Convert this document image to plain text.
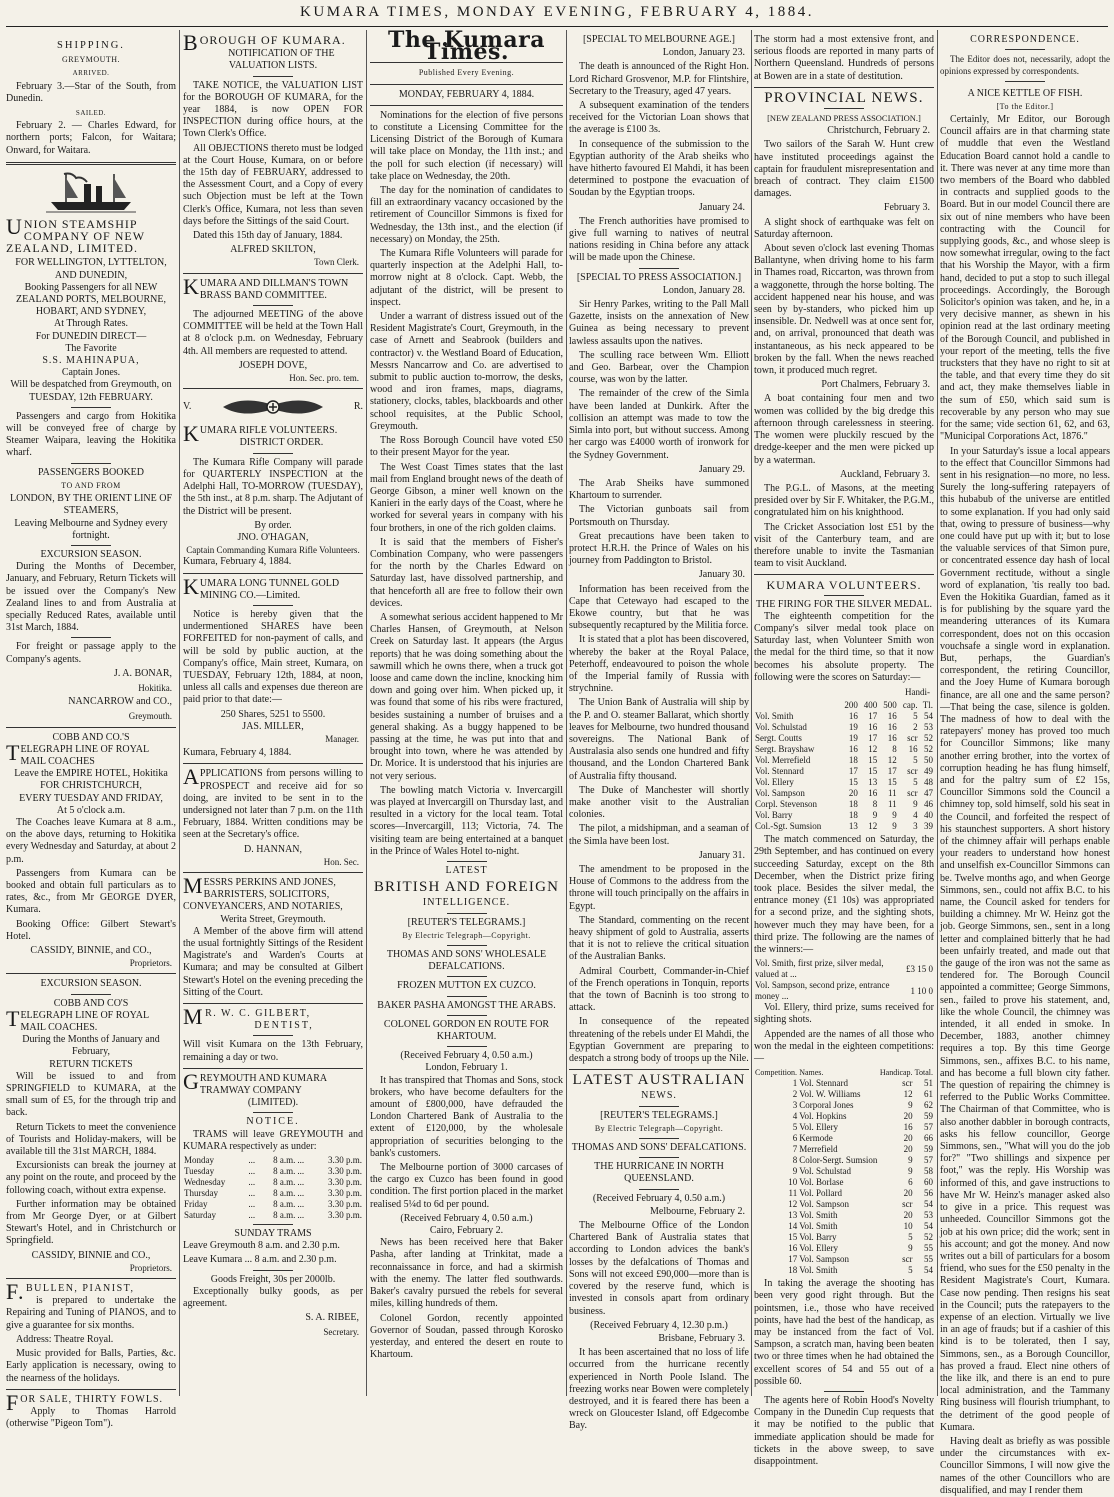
KUMARA TIMES, MONDAY EVENING, FEBRUARY 4, 1884.

SHIPPING.

GREYMOUTH.

ARRIVED.

February 3.—Star of the South, from Dunedin.

SAILED.

February 2. — Charles Edward, for northern ports; Falcon, for Waitara; Onward, for Waitara.

UNION STEAMSHIP COMPANY OF NEW ZEALAND, LIMITED.

FOR WELLINGTON, LYTTELTON, AND DUNEDIN,

Booking Passengers for all NEW ZEALAND PORTS, MELBOURNE, HOBART, AND SYDNEY,

At Through Rates.

For DUNEDIN DIRECT—

The Favorite

S.S. MAHINAPUA,

Captain Jones.

Will be despatched from Greymouth, on

TUESDAY, 12th FEBRUARY.

Passengers and cargo from Hokitika will be conveyed free of charge by Steamer Waipara, leaving the Hokitika wharf.

PASSENGERS BOOKED

TO AND FROM

LONDON, BY THE ORIENT LINE OF STEAMERS,

Leaving Melbourne and Sydney every fortnight.

EXCURSION SEASON.

During the Months of December, January, and February, Return Tickets will be issued over the Company's New Zealand lines to and from Australia at specially Reduced Rates, available until 31st March, 1884.

For freight or passage apply to the Company's agents.

J. A. BONAR,

Hokitika.

NANCARROW and CO.,

Greymouth.

COBB AND CO.'S

TELEGRAPH LINE OF ROYAL MAIL COACHES

Leave the EMPIRE HOTEL, Hokitika

FOR CHRISTCHURCH,

EVERY TUESDAY AND FRIDAY,

At 5 o'clock a.m.

The Coaches leave Kumara at 8 a.m., on the above days, returning to Hokitika every Wednesday and Saturday, at about 2 p.m.

Passengers from Kumara can be booked and obtain full particulars as to rates, &c., from Mr GEORGE DYER, Kumara.

Booking Office: Gilbert Stewart's Hotel.

CASSIDY, BINNIE, and CO.,

Proprietors.

EXCURSION SEASON.

COBB AND CO'S

TELEGRAPH LINE OF ROYAL MAIL COACHES.

During the Months of January and February,

RETURN TICKETS

Will be issued to and from SPRINGFIELD to KUMARA, at the small sum of £5, for the through trip and back.

Return Tickets to meet the convenience of Tourists and Holiday-makers, will be available till the 31st MARCH, 1884.

Excursionists can break the journey at any point on the route, and proceed by the following coach, without extra expense.

Further information may be obtained from Mr George Dyer, or at Gilbert Stewart's Hotel, and in Christchurch or Springfield.

CASSIDY, BINNIE and CO.,

Proprietors.

F.BULLEN, PIANIST,

is prepared to undertake the Repairing and Tuning of PIANOS, and to give a guarantee for six months.

Address: Theatre Royal.

Music provided for Balls, Parties, &c. Early application is necessary, owing to the nearness of the holidays.

FOR SALE, THIRTY FOWLS.

Apply to Thomas Harrold (otherwise "Pigeon Tom").

BOROUGH OF KUMARA.

NOTIFICATION OF THE VALUATION LISTS.

TAKE NOTICE, the VALUATION LIST for the BOROUGH OF KUMARA, for the year 1884, is now OPEN FOR INSPECTION during office hours, at the Town Clerk's Office.

All OBJECTIONS thereto must be lodged at the Court House, Kumara, on or before the 15th day of FEBRUARY, addressed to the Assessment Court, and a Copy of every such Objection must be left at the Town Clerk's Office, Kumara, not less than seven days before the Sittings of the said Court.

Dated this 15th day of January, 1884.

ALFRED SKILTON,

Town Clerk.

KUMARA AND DILLMAN'S TOWN BRASS BAND COMMITTEE.

The adjourned MEETING of the above COMMITTEE will be held at the Town Hall at 8 o'clock p.m. on Wednesday, February 4th. All members are requested to attend.

JOSEPH DOVE,

Hon. Sec. pro. tem.

V.	R.

KUMARA RIFLE VOLUNTEERS.

DISTRICT ORDER.

The Kumara Rifle Company will parade for QUARTERLY INSPECTION at the Adelphi Hall, TO-MORROW (TUESDAY), the 5th inst., at 8 p.m. sharp. The Adjutant of the District will be present.

By order.

JNO. O'HAGAN,

Captain Commanding Kumara Rifle Volunteers.

Kumara, February 4, 1884.

KUMARA LONG TUNNEL GOLD MINING CO.—Limited.

Notice is hereby given that the undermentioned SHARES have been FORFEITED for non-payment of calls, and will be sold by public auction, at the Company's office, Main street, Kumara, on TUESDAY, February 12th, 1884, at noon, unless all calls and expenses due thereon are paid prior to that date:—

250 Shares, 5251 to 5500.

JAS. MILLER,

Manager.

Kumara, February 4, 1884.

APPLICATIONS from persons willing to PROSPECT and receive aid for so doing, are invited to be sent in to the undersigned not later than 7 p.m. on the 11th February, 1884. Written conditions may be seen at the Secretary's office.

D. HANNAN,

Hon. Sec.

MESSRS PERKINS AND JONES, BARRISTERS, SOLICITORS, CONVEYANCERS, AND NOTARIES,

Werita Street, Greymouth.

A Member of the above firm will attend the usual fortnightly Sittings of the Resident Magistrate's and Warden's Courts at Kumara; and may be consulted at Gilbert Stewart's Hotel on the evening preceding the Sitting of the Court.

MR. W. C. GILBERT,

DENTIST,

Will visit Kumara on the 13th February, remaining a day or two.

GREYMOUTH AND KUMARA TRAMWAY COMPANY

(LIMITED).

NOTICE.

TRAMS will leave GREYMOUTH and KUMARA respectively as under:

Monday	...	8 a.m.	...	3.30 p.m.
Tuesday	...	8 a.m.	...	3.30 p.m.
Wednesday	...	8 a.m.	...	3.30 p.m.
Thursday	...	8 a.m.	...	3.30 p.m.
Friday	...	8 a.m.	...	3.30 p.m.
Saturday	...	8 a.m.	...	3.30 p.m.

SUNDAY TRAMS

Leave Greymouth 8 a.m. and 2.30 p.m.

Leave Kumara ... 8 a.m. and 2.30 p.m.

Goods Freight, 30s per 2000lb.

Exceptionally bulky goods, as per agreement.

S. A. RIBEE,

Secretary.

The Kumara Times.

Published Every Evening.

MONDAY, FEBRUARY 4, 1884.

Nominations for the election of five persons to constitute a Licensing Committee for the Licensing District of the Borough of Kumara will take place on Monday, the 11th inst.; and the poll for such election (if necessary) will take place on Wednesday, the 20th.

The day for the nomination of candidates to fill an extraordinary vacancy occasioned by the retirement of Councillor Simmons is fixed for Wednesday, the 13th inst., and the election (if necessary) on Monday, the 25th.

The Kumara Rifle Volunteers will parade for quarterly inspection at the Adelphi Hall, to-morrow night at 8 o'clock. Capt. Webb, the adjutant of the district, will be present to inspect.

Under a warrant of distress issued out of the Resident Magistrate's Court, Greymouth, in the case of Arnett and Seabrook (builders and contractor) v. the Westland Board of Education, Messrs Nancarrow and Co. are advertised to submit to public auction to-morrow, the desks, wood and iron frames, maps, diagrams, stationery, clocks, tables, blackboards and other school requisites, at the Public School, Greymouth.

The Ross Borough Council have voted £50 to their present Mayor for the year.

The West Coast Times states that the last mail from England brought news of the death of George Gibson, a miner well known on the Kanieri in the early days of the Coast, where he worked for several years in company with his four brothers, in one of the rich golden claims.

It is said that the members of Fisher's Combination Company, who were passengers for the north by the Charles Edward on Saturday last, have dissolved partnership, and that henceforth all are free to follow their own devices.

A somewhat serious accident happened to Mr Charles Hansen, of Greymouth, at Nelson Creek on Saturday last. It appears (the Argus reports) that he was doing something about the sawmill which he owns there, when a truck got loose and came down the incline, knocking him down and going over him. When picked up, it was found that some of his ribs were fractured, besides sustaining a number of bruises and a general shaking. As a buggy happened to be passing at the time, he was put into that and brought into town, where he was attended by Dr. Morice. It is understood that his injuries are not very serious.

The bowling match Victoria v. Invercargill was played at Invercargill on Thursday last, and resulted in a victory for the local team. Total scores—Invercargill, 113; Victoria, 74. The visiting team are being entertained at a banquet in the Prince of Wales Hotel to-night.

LATEST

BRITISH AND FOREIGN

INTELLIGENCE.

[REUTER'S TELEGRAMS.]

By Electric Telegraph—Copyright.

THOMAS AND SONS' WHOLESALE DEFALCATIONS.

FROZEN MUTTON EX CUZCO.

BAKER PASHA AMONGST THE ARABS.

COLONEL GORDON EN ROUTE FOR KHARTOUM.

(Received February 4, 0.50 a.m.)

London, February 1.

It has transpired that Thomas and Sons, stock brokers, who have become defaulters for the amount of £800,000, have defrauded the London Chartered Bank of Australia to the extent of £120,000, by the wholesale appropriation of securities belonging to the bank's customers.

The Melbourne portion of 3000 carcases of the cargo ex Cuzco has been found in good condition. The first portion placed in the market realised 5¼d to 6d per pound.

(Received February 4, 0.50 a.m.)

Cairo, February 2.

News has been received here that Baker Pasha, after landing at Trinkitat, made a reconnaissance in force, and had a skirmish with the enemy. The latter fled southwards. Baker's cavalry pursued the rebels for several miles, killing hundreds of them.

Colonel Gordon, recently appointed Governor of Soudan, passed through Korosko yesterday, and entered the desert en route to Khartoum.

[SPECIAL TO MELBOURNE AGE.]

London, January 23.

The death is announced of the Right Hon. Lord Richard Grosvenor, M.P. for Flintshire, Secretary to the Treasury, aged 47 years.

A subsequent examination of the tenders received for the Victorian Loan shows that the average is £100 3s.

In consequence of the submission to the Egyptian authority of the Arab sheiks who have hitherto favoured El Mahdi, it has been determined to postpone the evacuation of Soudan by the Egyptian troops.

January 24.

The French authorities have promised to give full warning to natives of neutral nations residing in China before any attack will be made upon the Chinese.

[SPECIAL TO PRESS ASSOCIATION.]

London, January 28.

Sir Henry Parkes, writing to the Pall Mall Gazette, insists on the annexation of New Guinea as being necessary to prevent lawless assaults upon the natives.

The sculling race between Wm. Elliott and Geo. Barbear, over the Champion course, was won by the latter.

The remainder of the crew of the Simla have been landed at Dunkirk. After the collision an attempt was made to tow the Simla into port, but without success. Among her cargo was £4000 worth of ironwork for the Sydney Government.

January 29.

The Arab Sheiks have summoned Khartoum to surrender.

The Victorian gunboats sail from Portsmouth on Thursday.

Great precautions have been taken to protect H.R.H. the Prince of Wales on his journey from Paddington to Bristol.

January 30.

Information has been received from the Cape that Cetewayo had escaped to the Ekowe country, but that he was subsequently recaptured by the Militia force.

It is stated that a plot has been discovered, whereby the baker at the Royal Palace, Peterhoff, endeavoured to poison the whole of the Imperial family of Russia with strychnine.

The Union Bank of Australia will ship by the P. and O. steamer Ballarat, which shortly leaves for Melbourne, two hundred thousand sovereigns. The National Bank of Australasia also sends one hundred and fifty thousand, and the London Chartered Bank of Australia fifty thousand.

The Duke of Manchester will shortly make another visit to the Australian colonies.

The pilot, a midshipman, and a seaman of the Simla have been lost.

January 31.

The amendment to be proposed in the House of Commons to the address from the throne will touch principally on the affairs in Egypt.

The Standard, commenting on the recent heavy shipment of gold to Australia, asserts that it is not to relieve the critical situation of the Australian Banks.

Admiral Courbett, Commander-in-Chief of the French operations in Tonquin, reports that the town of Bacninh is too strong to attack.

In consequence of the repeated threatening of the rebels under El Mahdi, the Egyptian Government are preparing to despatch a strong body of troops up the Nile.

LATEST AUSTRALIAN

NEWS.

[REUTER'S TELEGRAMS.]

By Electric Telegraph—Copyright.

THOMAS AND SONS' DEFALCATIONS.

THE HURRICANE IN NORTH QUEENSLAND.

(Received February 4, 0.50 a.m.)

Melbourne, February 2.

The Melbourne Office of the London Chartered Bank of Australia states that according to London advices the bank's losses by the defalcations of Thomas and Sons will not exceed £90,000—more than is covered by the reserve fund, which is invested in consols apart from ordinary business.

(Received February 4, 12.30 p.m.)

Brisbane, February 3.

It has been ascertained that no loss of life occurred from the hurricane recently experienced in North Poole Island. The freezing works near Bowen were completely destroyed, and it is feared there has been a wreck on Gloucester Island, off Edgecombe Bay.

The storm had a most extensive front, and serious floods are reported in many parts of Northern Queensland. Hundreds of persons at Bowen are in a state of destitution.

PROVINCIAL NEWS.

[NEW ZEALAND PRESS ASSOCIATION.]

Christchurch, February 2.

Two sailors of the Sarah W. Hunt crew have instituted proceedings against the captain for fraudulent misrepresentation and breach of contract. They claim £1500 damages.

February 3.

A slight shock of earthquake was felt on Saturday afternoon.

About seven o'clock last evening Thomas Ballantyne, when driving home to his farm in Thames road, Riccarton, was thrown from a waggonette, through the horse bolting. The accident happened near his house, and was seen by by-standers, who picked him up insensible. Dr. Nedwell was at once sent for, and, on arrival, pronounced that death was instantaneous, as his neck appeared to be broken by the fall. When the news reached town, it produced much regret.

Port Chalmers, February 3.

A boat containing four men and two women was collided by the big dredge this afternoon through carelessness in steering. The women were pluckily rescued by the dredge-keeper and the men were picked up by a waterman.

Auckland, February 3.

The P.G.L. of Masons, at the meeting presided over by Sir F. Whitaker, the P.G.M., congratulated him on his knighthood.

The Cricket Association lost £51 by the visit of the Canterbury team, and are therefore unable to invite the Tasmanian team to visit Auckland.

KUMARA VOLUNTEERS.

THE FIRING FOR THE SILVER MEDAL.

The eighteenth competition for the Company's silver medal took place on Saturday last, when Volunteer Smith won the medal for the third time, so that it now becomes his absolute property. The following were the scores on Saturday:—

Handi-

	200	400	500	cap.	Tl.
Vol. Smith	16	17	16	5	54
Vol. Schulstad	19	16	16	2	53
Sergt. Coutts	19	17	16	scr	52
Sergt. Brayshaw	16	12	8	16	52
Vol. Merrefield	18	15	12	5	50
Vol. Stennard	17	15	17	scr	49
Vol. Ellery	15	13	15	5	48
Vol. Sampson	20	16	11	scr	47
Corpl. Stevenson	18	8	11	9	46
Vol. Barry	18	9	9	4	40
Col.-Sgt. Sumsion	13	12	9	3	39

The match commenced on Saturday, the 29th September, and has continued on every succeeding Saturday, except on the 8th December, when the District prize firing took place. Besides the silver medal, the entrance money (£1 10s) was appropriated for a second prize, and the sighting shots, however much they may have been, for a third prize. The following are the names of the winners:—

Vol. Smith, first prize, silver medal, valued at ...	£3 15 0
Vol. Sampson, second prize, entrance money ...	1 10 0

Vol. Ellery, third prize, sums received for sighting shots.

Appended are the names of all those who won the medal in the eighteen competitions:—

Competition.	Names.	Handicap.	Total.
1	Vol. Stennard	scr	51
2	Vol. W. Williams	12	61
3	Corporal Jones	9	62
4	Vol. Hopkins	20	59
5	Vol. Ellery	16	57
6	Kermode	20	66
7	Merrefield	20	59
8	Color-Sergt. Sumsion	9	57
9	Vol. Schulstad	9	58
10	Vol. Borlase	6	60
11	Vol. Pollard	20	56
12	Vol. Sampson	scr	54
13	Vol. Smith	20	53
14	Vol. Smith	10	54
15	Vol. Barry	5	52
16	Vol. Ellery	9	55
17	Vol. Sampson	scr	55
18	Vol. Smith	5	54

In taking the average the shooting has been very good right through. But the pointsmen, i.e., those who have received points, have had the best of the handicap, as may be instanced from the fact of Vol. Sampson, a scratch man, having been beaten two or three times when he had obtained the excellent scores of 54 and 55 out of a possible 60.

The agents here of Robin Hood's Novelty Company in the Dunedin Cup requests that it may be notified to the public that immediate application should be made for tickets in the above sweep, to save disappointment.

CORRESPONDENCE.

The Editor does not, necessarily, adopt the opinions expressed by correspondents.

A NICE KETTLE OF FISH.

[To the Editor.]

Certainly, Mr Editor, our Borough Council affairs are in that charming state of muddle that even the Westland Education Board cannot hold a candle to it. There was never at any time more than two members of the Board who dabbled in contracts and supplied goods to the Board. But in our model Council there are six out of nine members who have been contracting with the Council for supplying goods, &c., and whose sleep is now somewhat irregular, owing to the fact that his Worship the Mayor, with a firm hand, decided to put a stop to such illegal proceedings. Accordingly, the Borough Solicitor's opinion was taken, and he, in a very decisive manner, as shewn in his opinion read at the last ordinary meeting of the Borough Council, and published in your report of the meeting, tells the five trucksters that they have no right to sit at the table, and that every time they do sit and act, they make themselves liable in the sum of £50, which said sum is recoverable by any person who may sue for the same; vide section 61, 62, and 63, "Municipal Corporations Act, 1876."

In your Saturday's issue a local appears to the effect that Councillor Simmons had sent in his resignation—no more, no less. Surely the long-suffering ratepayers of this hubabub of the universe are entitled to some explanation. If you had only said that, owing to pressure of business—why one could have put up with it; but to lose the valuable services of that Simon pure, or concentrated essence day hash of local Government rectitude, without a single word of explanation, 'tis really too bad. Even the Hokitika Guardian, famed as it is for publishing by the square yard the meandering utterances of its Kumara correspondent, does not on this occasion vouchsafe a single word in explanation. But, perhaps, the Guardian's correspondent, the retiring Councillor, and the Joey Hume of Kumara borough finance, are all one and the same person?—That being the case, silence is golden. The madness of how to deal with the ratepayers' money has proved too much for Councillor Simmons; like many another erring brother, into the vortex of corruption heading he has flung himself, and for the paltry sum of £2 15s, Councillor Simmons sold the Council a chimney top, sold himself, sold his seat in the Council, and forfeited the respect of his staunchest supporters. A short history of the chimney affair will perhaps enable your readers to understand how honest and unselfish ex-Councillor Simmons can be. Twelve months ago, and when George Simmons, sen., could not affix B.C. to his name, the Council asked for tenders for building a chimney. Mr W. Heinz got the job. George Simmons, sen., sent in a long letter and complained bitterly that he had been unfairly treated, and made out that the gauge of the iron was not the same as tendered for. The Borough Council appointed a committee; George Simmons, sen., failed to prove his statement, and, like the whole Council, the chimney was intended, it all ended in smoke. In December, 1883, another chimney requires a top. By this time George Simmons, sen., affixes B.C. to his name, and has become a full blown city father. The question of repairing the chimney is referred to the Public Works Committee. The Chairman of that Committee, who is also another dabbler in borough contracts, asks his fellow councillor, George Simmons, sen., "What will you do the job for?" "Two shillings and sixpence per foot," was the reply. His Worship was informed of this, and gave instructions to have Mr W. Heinz's manager asked also to give in a price. This request was unheeded. Councillor Simmons got the job at his own price; did the work; sent in his account; and got the money. And now writes out a bill of particulars for a bosom friend, who sues for the £50 penalty in the Resident Magistrate's Court, Kumara. Case now pending. Then resigns his seat in the Council; puts the ratepayers to the expense of an election. Virtually we live in an age of frauds; but if a cashier of this kind is to be tolerated, then I say, Simmons, sen., as a Borough Councillor, has proved a fraud. Elect nine others of the like ilk, and there is an end to pure local administration, and the Tammany Ring business will flourish triumphant, to the detriment of the good people of Kumara.

Having dealt as briefly as was possible under the circumstances with ex-Councillor Simmons, I will now give the names of the other Councillors who are disqualified, and may I render them
